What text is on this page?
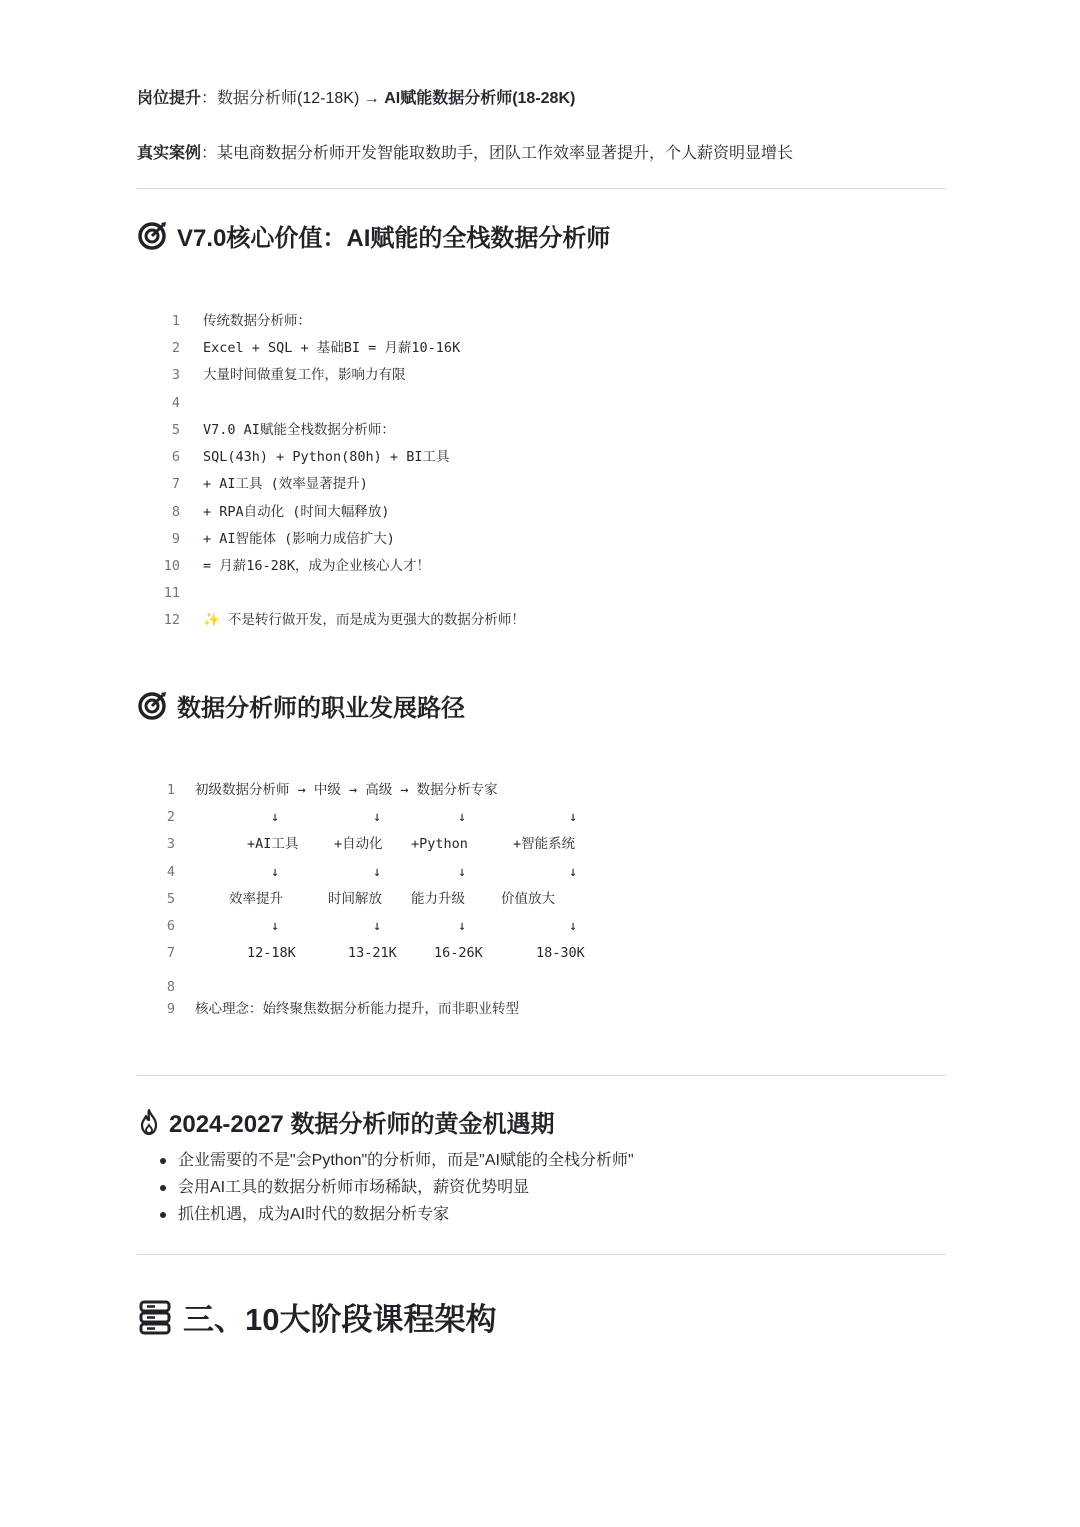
岗位提升：数据分析师(12-18K) → AI赋能数据分析师(18-28K)
真实案例：某电商数据分析师开发智能取数助手，团队工作效率显著提升，个人薪资明显增长
V7.0核心价值：AI赋能的全栈数据分析师
1 传统数据分析师：
2 Excel + SQL + 基础BI = 月薪10-16K
3 大量时间做重复工作，影响力有限
4
5 V7.0 AI赋能全栈数据分析师：
6 SQL(43h) + Python(80h) + BI工具
7 + AI工具 (效率显著提升)
8 + RPA自动化 (时间大幅释放)
9 + AI智能体 (影响力成倍扩大)
10 = 月薪16-28K，成为企业核心人才！
11
12 ✨ 不是转行做开发，而是成为更强大的数据分析师！
数据分析师的职业发展路径
1
2
3
4
5
6
7
8
9
初级数据分析师 → 中级 → 高级 → 数据分析专家
↓	↓	↓	↓
+AI工具	+自动化 +Python	+智能系统
↓	↓	↓	↓
效率提升	时间解放 能力升级	价值放大
↓	↓	↓	↓
12-18K	13-21K	16-26K	18-30K
核心理念：始终聚焦数据分析能力提升，而非职业转型
2024-2027 数据分析师的黄金机遇期
企业需要的不是"会Python"的分析师，而是"AI赋能的全栈分析师"
会用AI工具的数据分析师市场稀缺，薪资优势明显
抓住机遇，成为AI时代的数据分析专家
三、10大阶段课程架构
